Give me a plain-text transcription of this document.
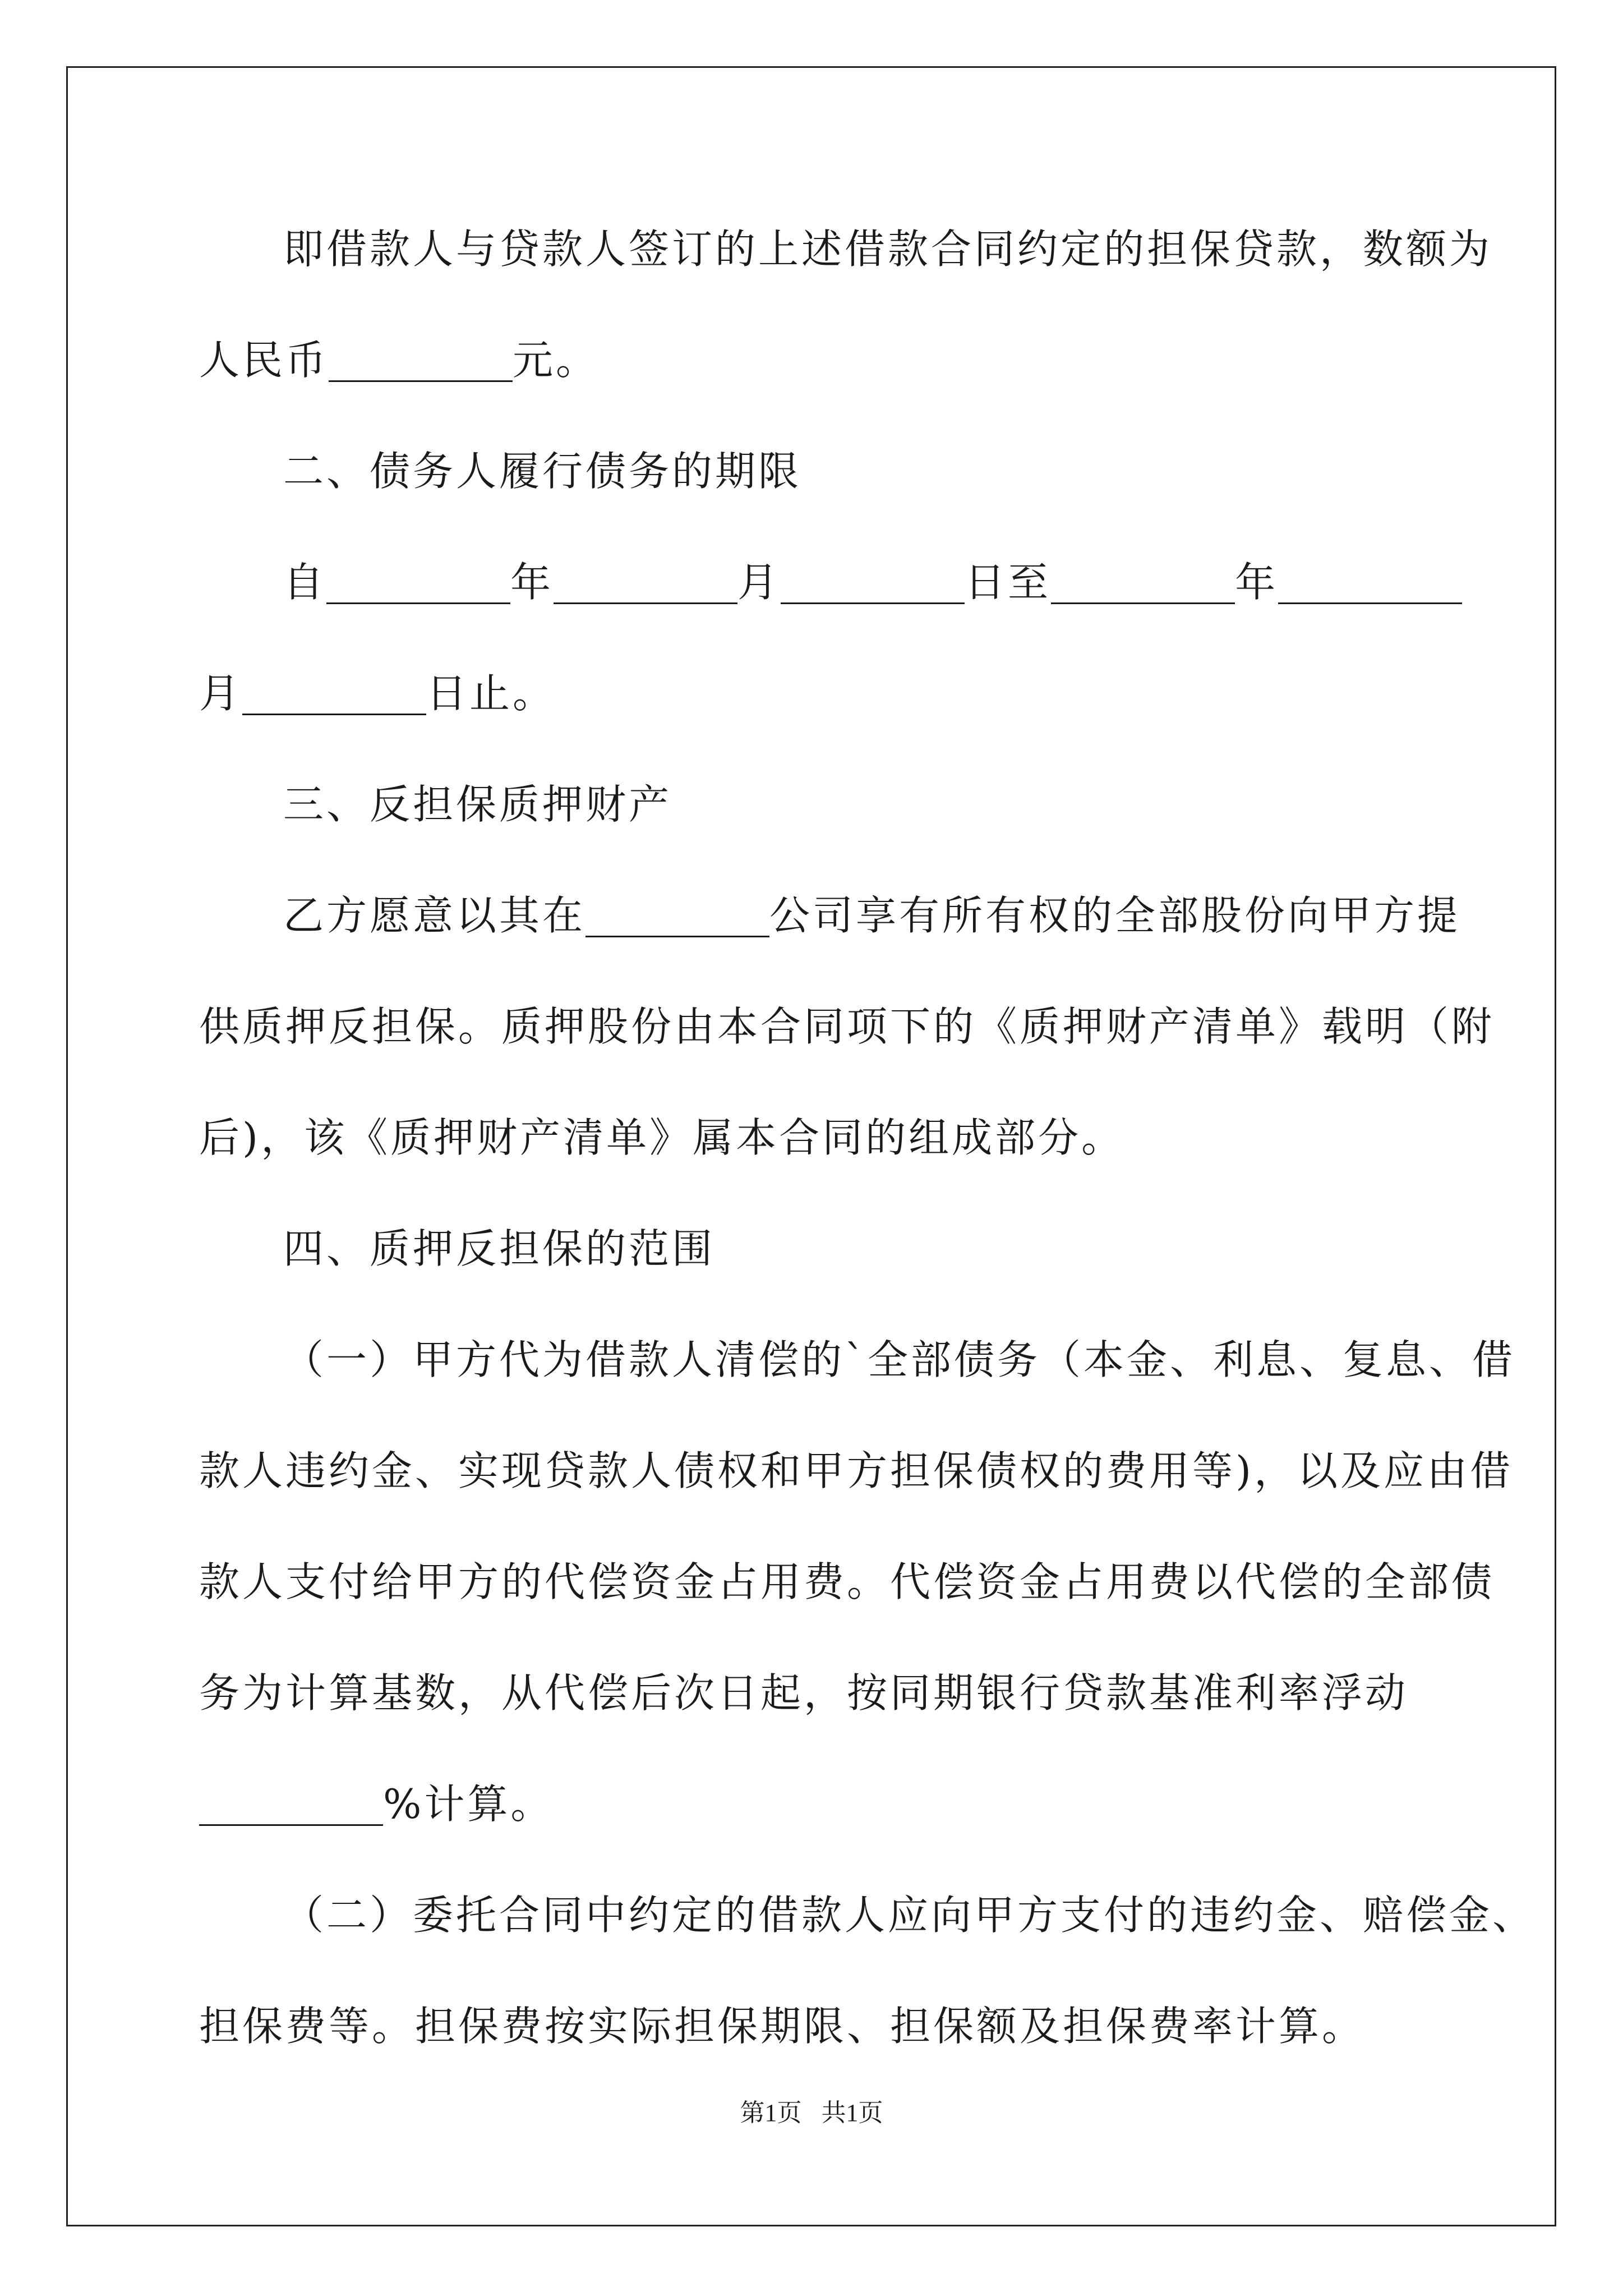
即借款人与贷款人签订的上述借款合同约定的担保贷款，数额为

人民币	元。

二、债务人履行债务的期限

自	年	月	日至	年

月	日止。

三、反担保质押财产

乙方愿意以其在	公司享有所有权的全部股份向甲方提

供质押反担保。质押股份由本合同项下的《质押财产清单》载明（附

后)，该《质押财产清单》属本合同的组成部分。

四、质押反担保的范围

（一）甲方代为借款人清偿的`全部债务（本金、利息、复息、借

款人违约金、实现贷款人债权和甲方担保债权的费用等)，以及应由借

款人支付给甲方的代偿资金占用费。代偿资金占用费以代偿的全部债

务为计算基数，从代偿后次日起，按同期银行贷款基准利率浮动

%计算。

（二）委托合同中约定的借款人应向甲方支付的违约金、赔偿金、

担保费等。担保费按实际担保期限、担保额及担保费率计算。

第1页 共1页
